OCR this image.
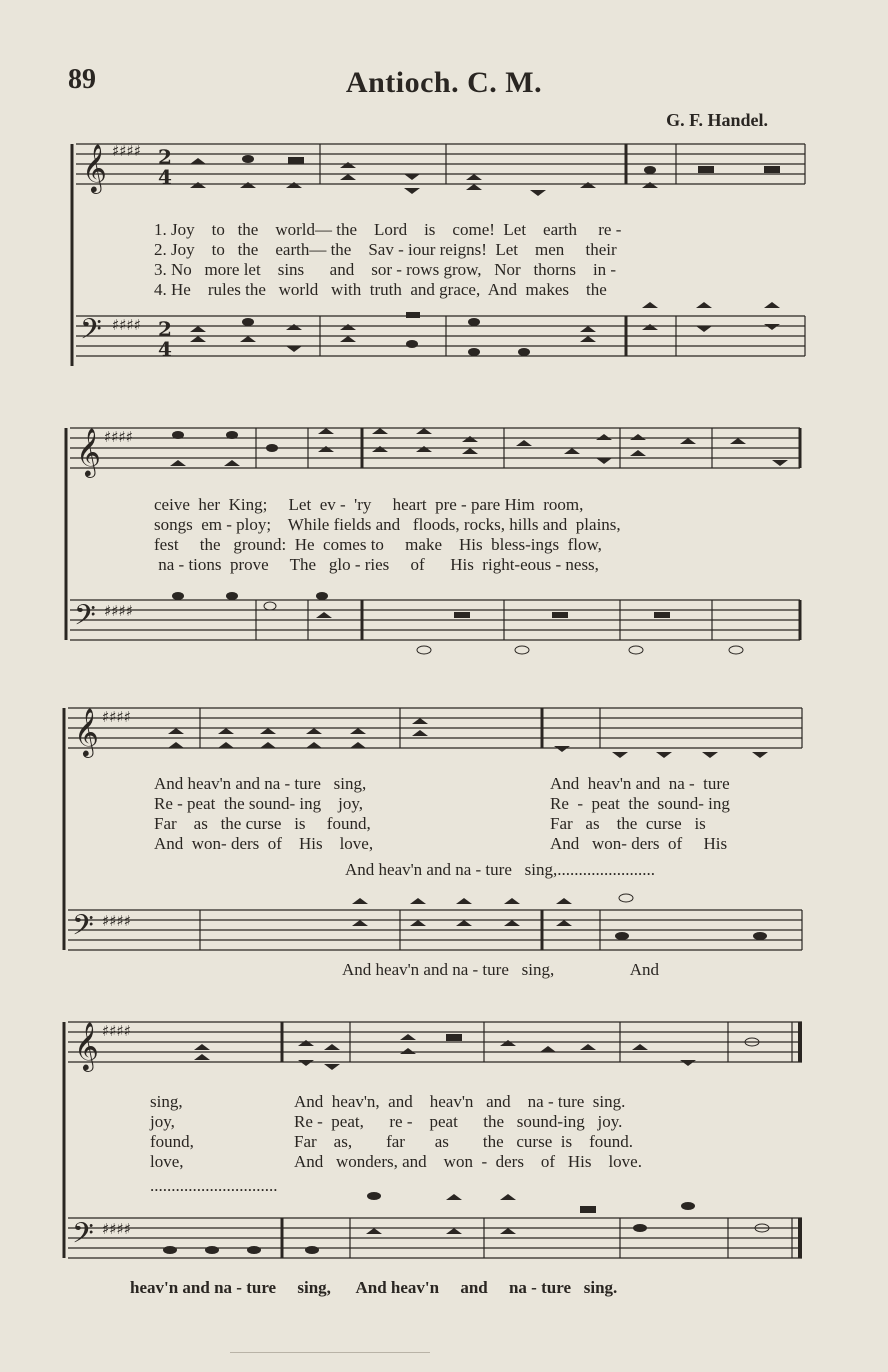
89	Antioch. C. M.
G. F. Handel.
𝄞 ♯♯♯♯ 2
4
𝄢 ♯♯♯♯ 2
4
1. Joy    to   the    world— the    Lord    is    come!  Let    earth     re -
2. Joy    to   the    earth— the    Sav - iour reigns!  Let    men     their
3. No   more let    sins      and    sor - rows grow,   Nor   thorns    in -
4. He    rules the   world   with  truth  and grace,  And  makes    the
𝄞 ♯♯♯♯
𝄢 ♯♯♯♯
ceive  her  King;     Let  ev -  'ry     heart  pre - pare Him  room,
songs  em - ploy;    While fields and   floods, rocks, hills and  plains,
fest     the   ground:  He  comes to     make    His  bless-ings  flow,
na - tions  prove     The   glo - ries     of      His  right-eous - ness,
𝄞 ♯♯♯♯
𝄢 ♯♯♯♯
And heav'n and na - ture   sing,
Re - peat  the sound- ing    joy,
Far    as   the curse   is     found,
And  won- ders  of    His    love,
And  heav'n and  na -  ture
Re  -  peat  the  sound- ing
Far   as    the  curse   is
And   won- ders  of     His
And heav'n and na - ture   sing,.......................
And heav'n and na - ture   sing,                  And
𝄞 ♯♯♯♯
𝄢 ♯♯♯♯
sing,
joy,
found,
love,
And  heav'n,  and    heav'n   and    na - ture  sing.
Re -  peat,      re -    peat      the   sound-ing   joy.
Far    as,        far       as        the   curse  is    found.
And   wonders, and    won  -  ders    of   His    love.
..............................
heav'n and na - ture     sing,      And heav'n     and     na - ture   sing.
